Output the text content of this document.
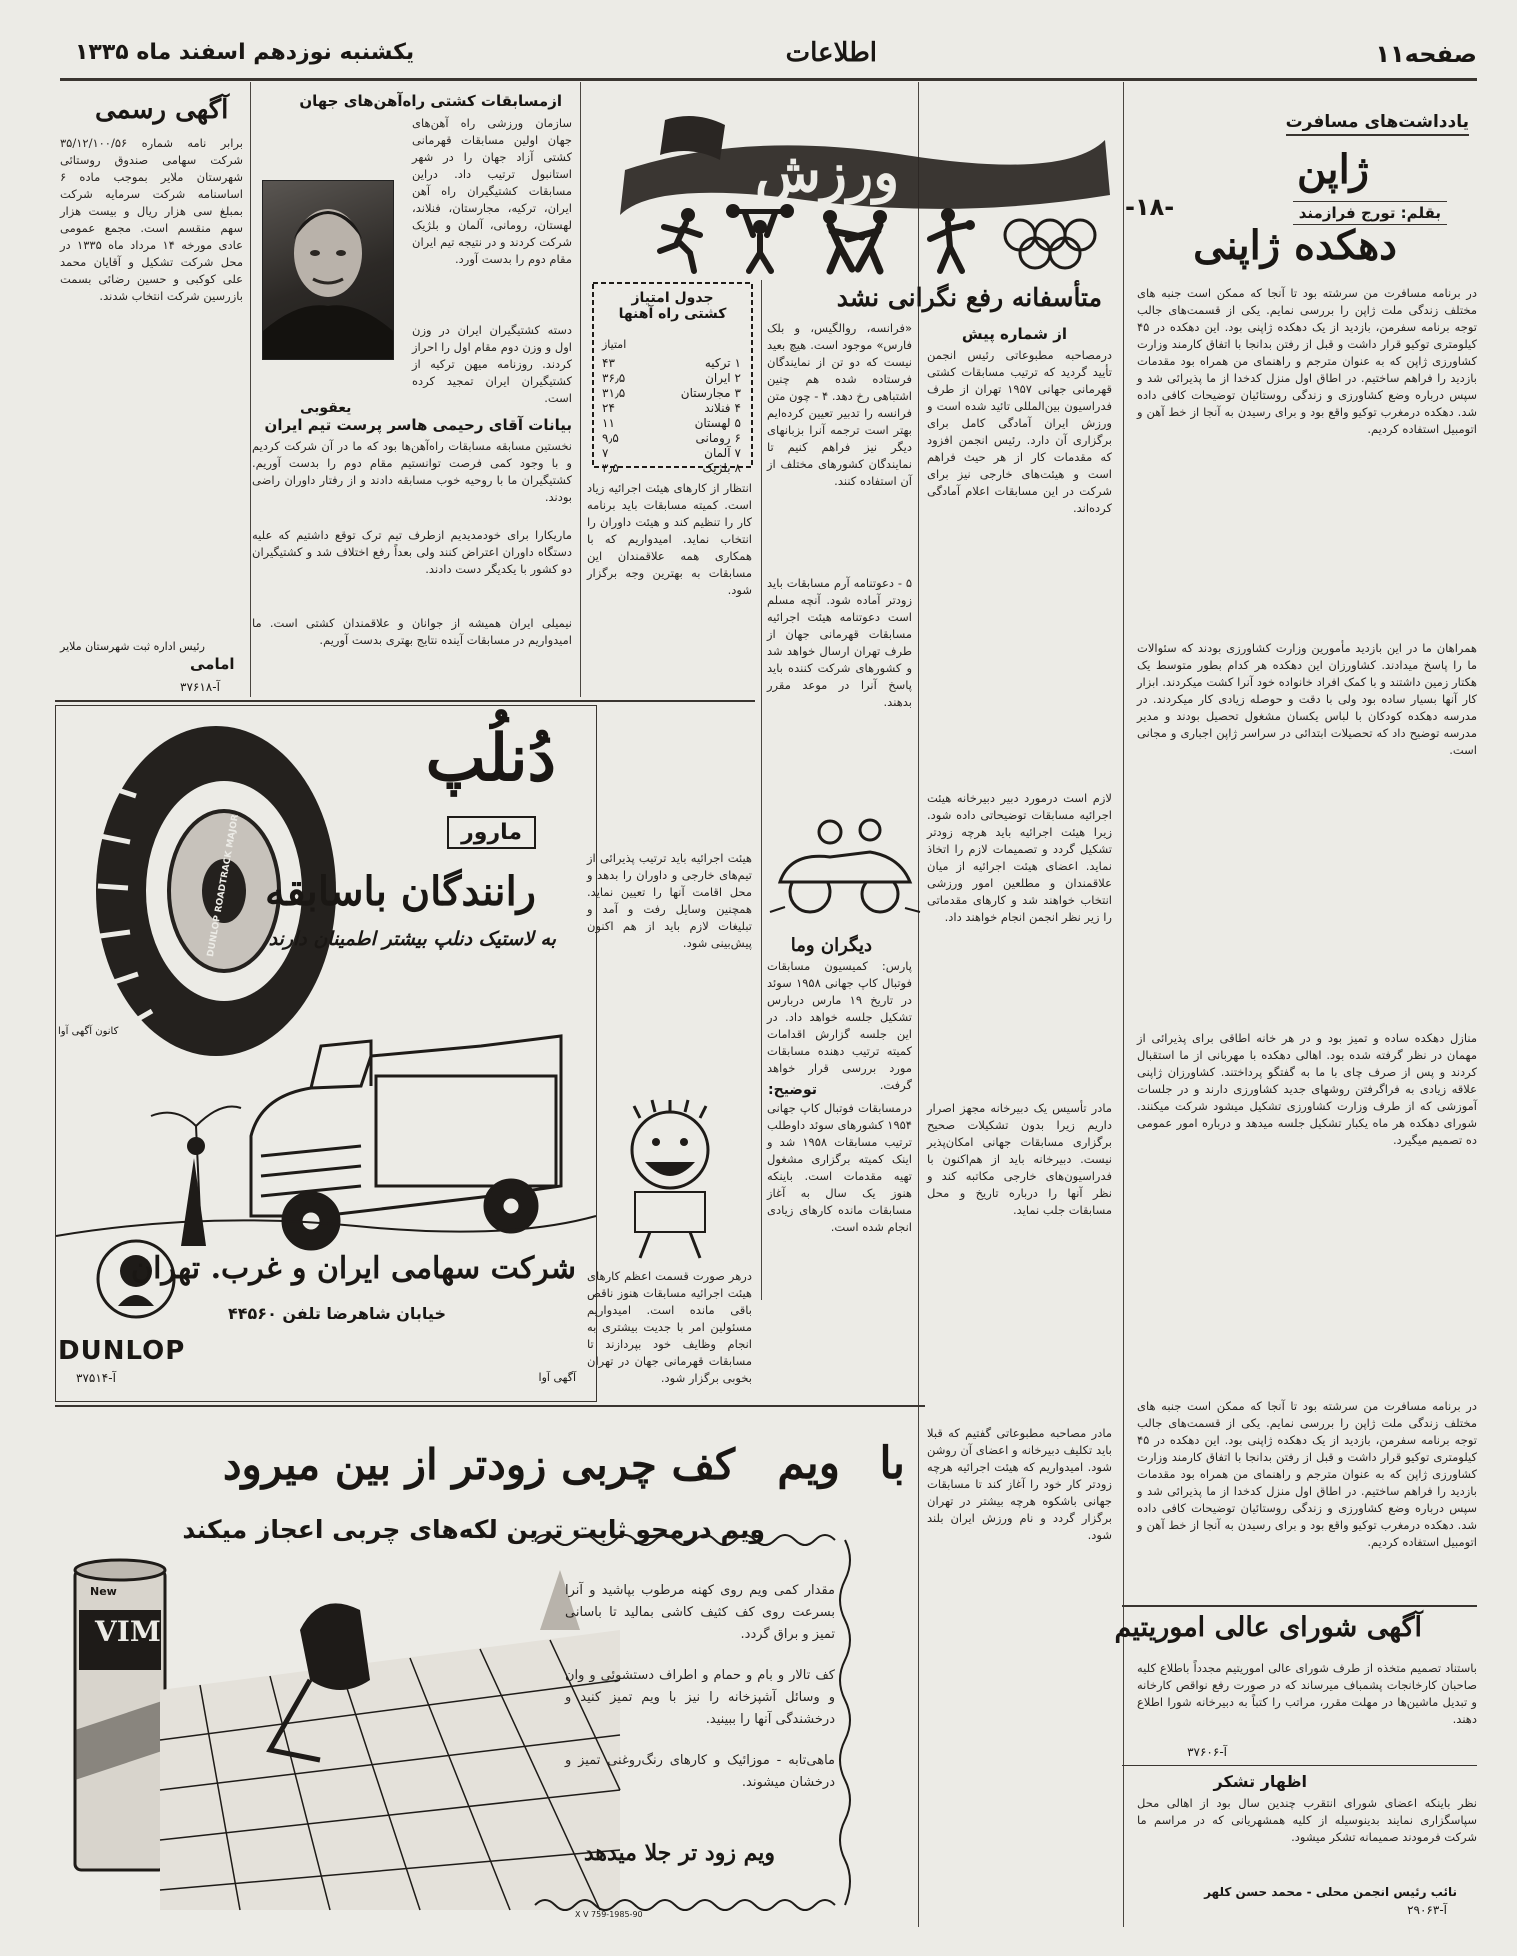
صفحه۱۱
اطلاعات
یکشنبه نوزدهم اسفند ماه ۱۳۳۵
یادداشت‌های مسافرت
ژاپن
-۱۸-	بقلم: تورج فرازمند
دهکده ژاپنی
در برنامه مسافرت من سرشته بود تا آنجا که ممکن است جنبه های مختلف زندگی ملت ژاپن را بررسی نمایم. یکی از قسمت‌های جالب توجه برنامه سفرمن، بازدید از یک دهکده ژاپنی بود. این دهکده در ۴۵ کیلومتری توکیو قرار داشت و قبل از رفتن بدانجا با اتفاق کارمند وزارت کشاورزی ژاپن که به عنوان مترجم و راهنمای من همراه بود مقدمات بازدید را فراهم ساختیم. در اطاق اول منزل کدخدا از ما پذیرائی شد و سپس درباره وضع کشاورزی و زندگی روستائیان توضیحات کافی داده شد. دهکده درمغرب توکیو واقع بود و برای رسیدن به آنجا از خط آهن و اتومبیل استفاده کردیم.
همراهان ما در این بازدید مأمورین وزارت کشاورزی بودند که سئوالات ما را پاسخ میدادند. کشاورزان این دهکده هر کدام بطور متوسط یک هکتار زمین داشتند و با کمک افراد خانواده خود آنرا کشت میکردند. ابزار کار آنها بسیار ساده بود ولی با دقت و حوصله زیادی کار میکردند. در مدرسه دهکده کودکان با لباس یکسان مشغول تحصیل بودند و مدیر مدرسه توضیح داد که تحصیلات ابتدائی در سراسر ژاپن اجباری و مجانی است.
منازل دهکده ساده و تمیز بود و در هر خانه اطاقی برای پذیرائی از مهمان در نظر گرفته شده بود. اهالی دهکده با مهربانی از ما استقبال کردند و پس از صرف چای با ما به گفتگو پرداختند. کشاورزان ژاپنی علاقه زیادی به فراگرفتن روشهای جدید کشاورزی دارند و در جلسات آموزشی که از طرف وزارت کشاورزی تشکیل میشود شرکت میکنند. شورای دهکده هر ماه یکبار تشکیل جلسه میدهد و درباره امور عمومی ده تصمیم میگیرد.
در برنامه مسافرت من سرشته بود تا آنجا که ممکن است جنبه های مختلف زندگی ملت ژاپن را بررسی نمایم. یکی از قسمت‌های جالب توجه برنامه سفرمن، بازدید از یک دهکده ژاپنی بود. این دهکده در ۴۵ کیلومتری توکیو قرار داشت و قبل از رفتن بدانجا با اتفاق کارمند وزارت کشاورزی ژاپن که به عنوان مترجم و راهنمای من همراه بود مقدمات بازدید را فراهم ساختیم. در اطاق اول منزل کدخدا از ما پذیرائی شد و سپس درباره وضع کشاورزی و زندگی روستائیان توضیحات کافی داده شد. دهکده درمغرب توکیو واقع بود و برای رسیدن به آنجا از خط آهن و اتومبیل استفاده کردیم.
آگهی شورای عالی اموریتیم
باستناد تصمیم متخذه از طرف شورای عالی اموریتیم مجدداً باطلاع کلیه صاحبان کارخانجات پشمباف میرساند که در صورت رفع نواقص کارخانه و تبدیل ماشین‌ها در مهلت مقرر، مراتب را کتباً به دبیرخانه شورا اطلاع دهند.
آ-۳۷۶۰۶
اظهار تشکر
نظر باینکه اعضای شورای انتقرب چندین سال بود از اهالی محل سپاسگزاری نمایند بدینوسیله از کلیه همشهریانی که در مراسم ما شرکت فرمودند صمیمانه تشکر میشود.
نائب رئیس انجمن محلی - محمد حسن کلهر
آ-۲۹۰۶۳
ورزش
متأسفانه رفع نگرانی نشد
از شماره پیش
درمصاحبه مطبوعاتی رئیس انجمن تأیید گردید که ترتیب مسابقات کشتی قهرمانی جهانی ۱۹۵۷ تهران از طرف فدراسیون بین‌المللی تائید شده است و ورزش ایران آمادگی کامل برای برگزاری آن دارد. رئیس انجمن افزود که مقدمات کار از هر حیث فراهم است و هیئت‌های خارجی نیز برای شرکت در این مسابقات اعلام آمادگی کرده‌اند.
لازم است درمورد دبیر دبیرخانه هیئت اجرائیه مسابقات توضیحاتی داده شود. زیرا هیئت اجرائیه باید هرچه زودتر تشکیل گردد و تصمیمات لازم را اتخاذ نماید. اعضای هیئت اجرائیه از میان علاقمندان و مطلعین امور ورزشی انتخاب خواهند شد و کارهای مقدماتی را زیر نظر انجمن انجام خواهند داد.
مادر تأسیس یک دبیرخانه مجهز اصرار داریم زیرا بدون تشکیلات صحیح برگزاری مسابقات جهانی امکان‌پذیر نیست. دبیرخانه باید از هم‌اکنون با فدراسیون‌های خارجی مکاتبه کند و نظر آنها را درباره تاریخ و محل مسابقات جلب نماید.
مادر مصاحبه مطبوعاتی گفتیم که قبلا باید تکلیف دبیرخانه و اعضای آن روشن شود. امیدواریم که هیئت اجرائیه هرچه زودتر کار خود را آغاز کند تا مسابقات جهانی باشکوه هرچه بیشتر در تهران برگزار گردد و نام ورزش ایران بلند شود.
«فرانسه، روالگیس، و بلک فارس» موجود است. هیچ بعید نیست که دو تن از نمایندگان فرستاده شده هم چنین اشتباهی رخ دهد. ۴ - چون متن فرانسه را تدبیر تعیین کرده‌ایم بهتر است ترجمه آنرا بزبانهای دیگر نیز فراهم کنیم تا نمایندگان کشورهای مختلف از آن استفاده کنند.
۵ - دعوتنامه آرم مسابقات باید زودتر آماده شود. آنچه مسلم است دعوتنامه هیئت اجرائیه مسابقات قهرمانی جهان از طرف تهران ارسال خواهد شد و کشورهای شرکت کننده باید پاسخ آنرا در موعد مقرر بدهند.
دیگران وما
پارس: کمیسیون مسابقات فوتبال کاپ جهانی ۱۹۵۸ سوئد در تاریخ ۱۹ مارس دربارس تشکیل جلسه خواهد داد. در این جلسه گزارش اقدامات کمیته ترتیب دهنده مسابقات مورد بررسی قرار خواهد گرفت.
توضیح:
درمسابقات فوتبال کاپ جهانی ۱۹۵۴ کشورهای سوئد داوطلب ترتیب مسابقات ۱۹۵۸ شد و اینک کمیته برگزاری مشغول تهیه مقدمات است. باینکه هنوز یک سال به آغاز مسابقات مانده کارهای زیادی انجام شده است.
درهر صورت قسمت اعظم کارهای هیئت اجرائیه مسابقات هنوز ناقص باقی مانده است. امیدواریم مسئولین امر با جدیت بیشتری به انجام وظایف خود بپردازند تا مسابقات قهرمانی جهان در تهران بخوبی برگزار شود.
جدول امتیاز کشتی راه آهنها
امتیاز
۱ترکیه
۴۳
۲ایران
۳۶٫۵
۳مجارستان
۳۱٫۵
۴فنلاند
۲۴
۵لهستان
۱۱
۶رومانی
۹٫۵
۷آلمان
۷
۸بلژیک
۳٫۵
ازمسابقات کشتی راه‌آهن‌های جهان
سازمان ورزشی راه آهن‌های جهان اولین مسابقات قهرمانی کشتی آزاد جهان را در شهر استانبول ترتیب داد. دراین مسابقات کشتیگیران راه آهن ایران، ترکیه، مجارستان، فنلاند، لهستان، رومانی، آلمان و بلژیک شرکت کردند و در نتیجه تیم ایران مقام دوم را بدست آورد.
دسته کشتیگیران ایران در وزن اول و وزن دوم مقام اول را احراز کردند. روزنامه میهن ترکیه از کشتیگیران ایران تمجید کرده است.
یعقوبی
بیانات آقای رحیمی هاسر پرست تیم ایران
نخستین مسابقه مسابقات راه‌آهن‌ها بود که ما در آن شرکت کردیم و با وجود کمی فرصت توانستیم مقام دوم را بدست آوریم. کشتیگیران ما با روحیه خوب مسابقه دادند و از رفتار داوران راضی بودند.
ماریکارا برای خودمدیدیم ازطرف تیم ترک توقع داشتیم که علیه دستگاه داوران اعتراض کنند ولی بعداً رفع اختلاف شد و کشتیگیران دو کشور با یکدیگر دست دادند.
نیمیلی ایران همیشه از جوانان و علاقمندان کشتی است. ما امیدواریم در مسابقات آینده نتایج بهتری بدست آوریم.
آگهی رسمی
برابر نامه شماره ۳۵/۱۲/۱۰۰/۵۶ شرکت سهامی صندوق روستائی شهرستان ملایر بموجب ماده ۶ اساسنامه شرکت سرمایه شرکت بمبلغ سی هزار ریال و بیست هزار سهم منقسم است. مجمع عمومی عادی مورخه ۱۴ مرداد ماه ۱۳۳۵ در محل شرکت تشکیل و آقایان محمد علی کوکبی و حسین رضائی بسمت بازرسین شرکت انتخاب شدند.
رئیس اداره ثبت شهرستان ملایر
امامی
آ-۳۷۶۱۸
دُنلُپ
مارور
رانندگان باسابقه
به لاستیک دنلپ بیشتر اطمینان دارند
DUNLOP ROADTRACK MAJOR
کانون آگهی آوا
شرکت سهامی ایران و غرب. تهران
خیابان شاهرضا تلفن ۴۴۵۶۰
DUNLOP
آ-۳۷۵۱۴	آگهی آوا
انتظار از کارهای هیئت اجرائیه زیاد است. کمیته مسابقات باید برنامه کار را تنظیم کند و هیئت داوران را انتخاب نماید. امیدواریم که با همکاری همه علاقمندان این مسابقات به بهترین وجه برگزار شود.
هیئت اجرائیه باید ترتیب پذیرائی از تیم‌های خارجی و داوران را بدهد و محل اقامت آنها را تعیین نماید. همچنین وسایل رفت و آمد و تبلیغات لازم باید از هم اکنون پیش‌بینی شود.
با
ویم
کف چربی زودتر از بین میرود
ویم درمحو ثابت ترین لکه‌های چربی اعجاز میکند
New
VIM
مقدار کمی ویم روی کهنه مرطوب بپاشید و آنرا بسرعت روی کف کثیف کاشی بمالید تا باسانی تمیز و براق گردد.
کف تالار و بام و حمام و اطراف دستشوئی و وان و وسائل آشپزخانه را نیز با ویم تمیز کنید و درخشندگی آنها را ببینید.
ماهی‌تابه - موزائیک و کارهای رنگ‌روغنی تمیز و درخشان میشوند.
ویم زود تر جلا میدهد
X V 759-1985-90
